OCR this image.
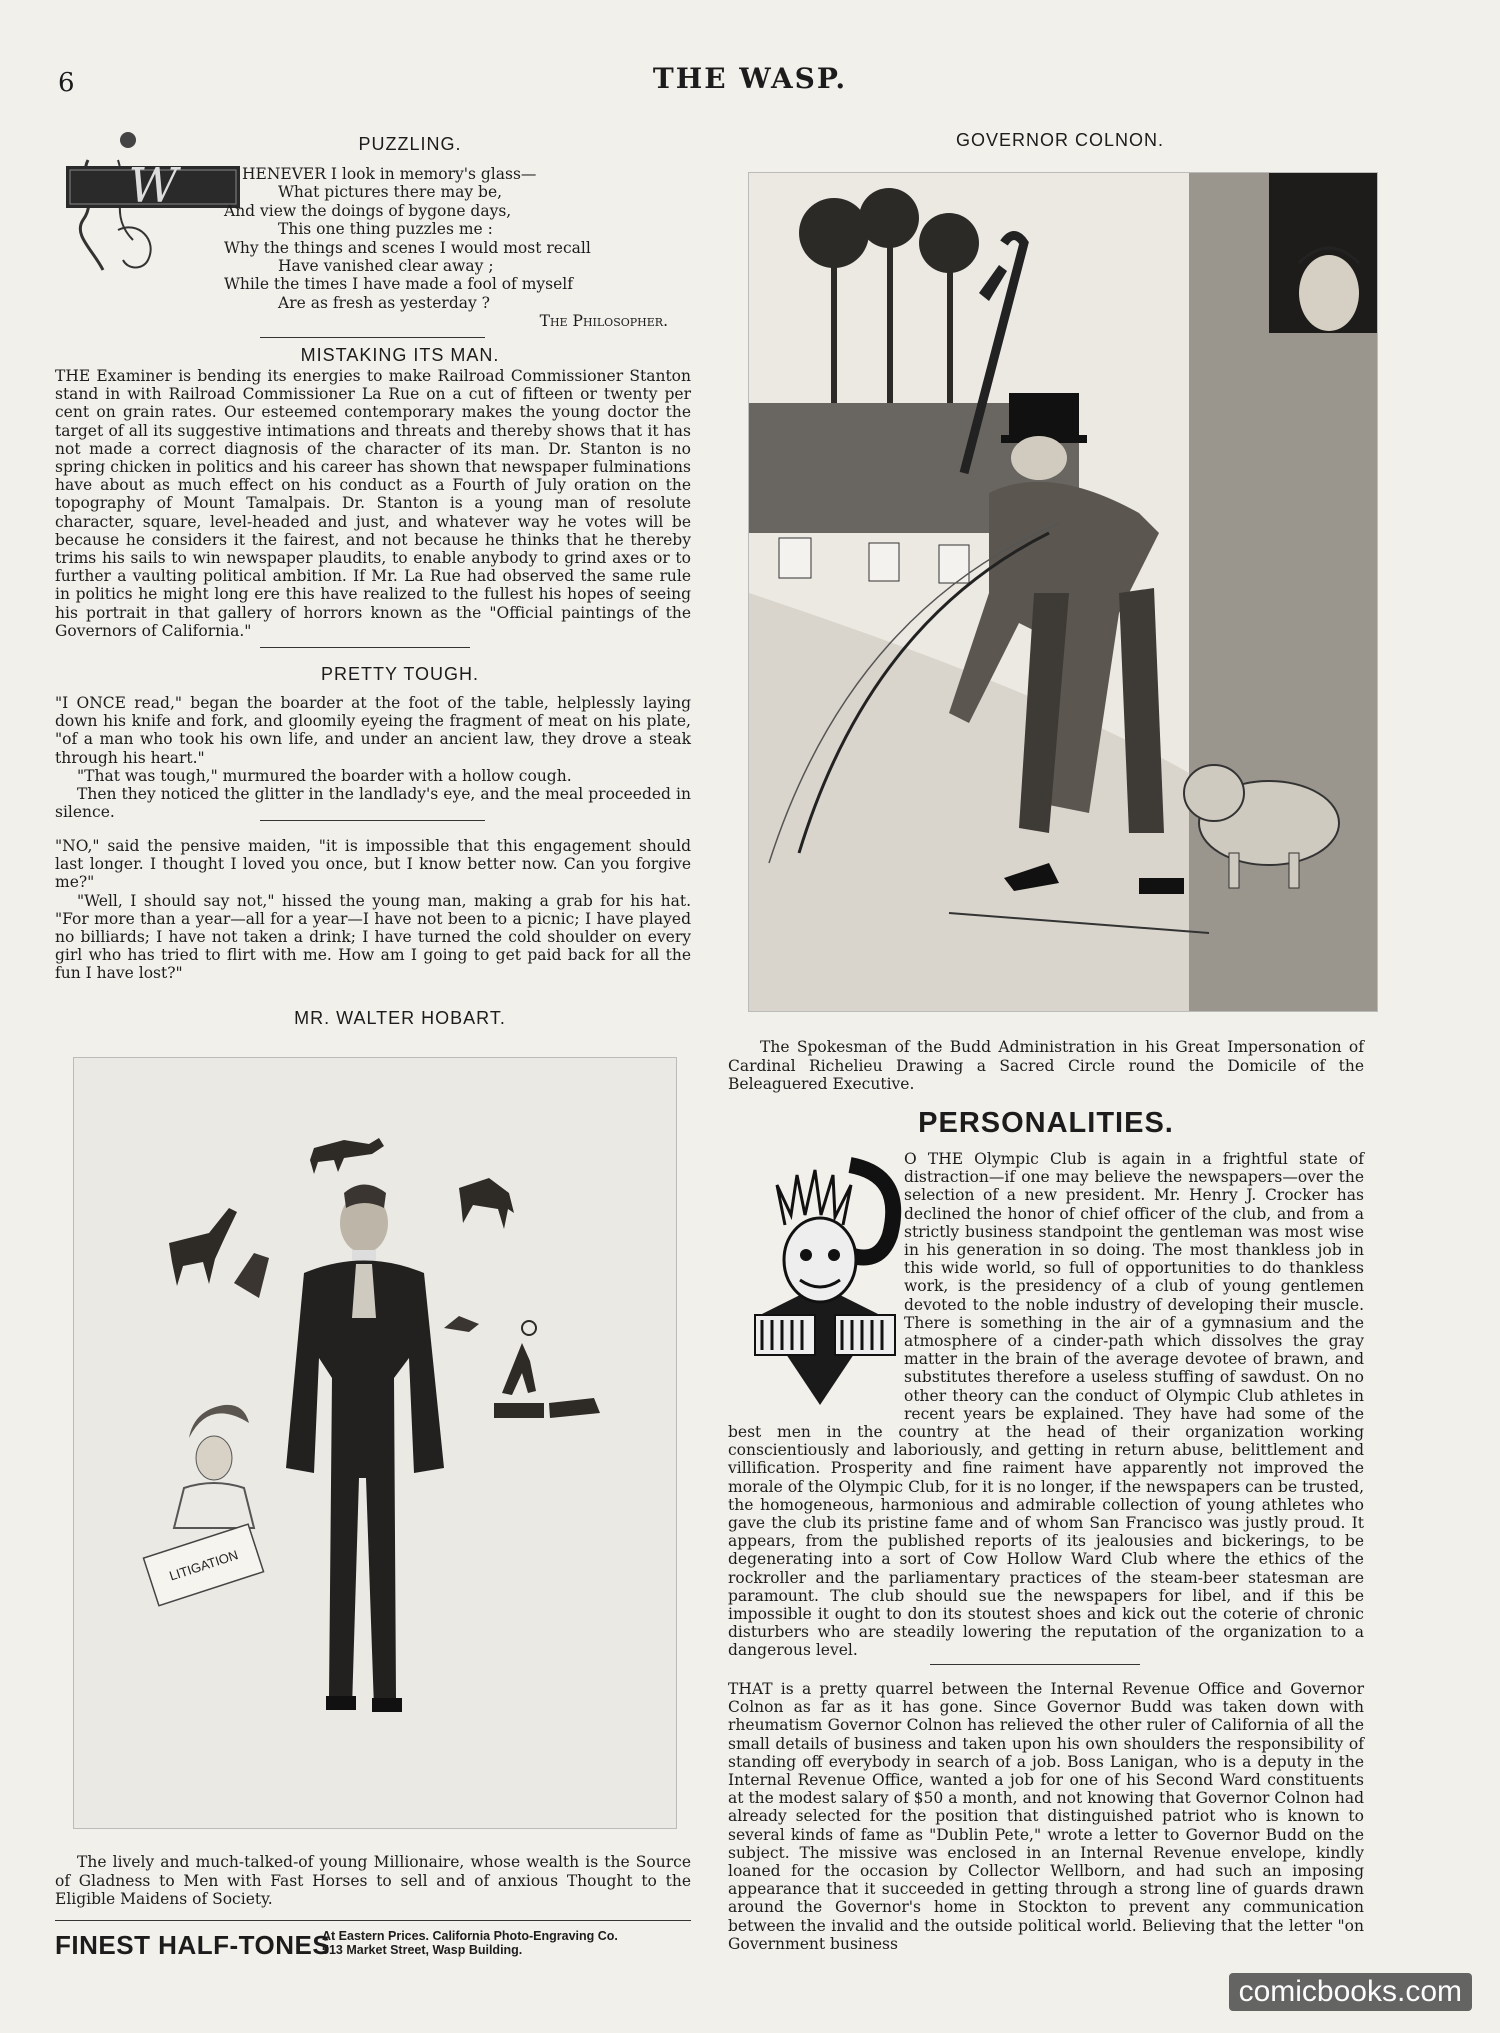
6	THE WASP.
PUZZLING.
W	HENEVER I look in memory's glass—
What pictures there may be,
And view the doings of bygone days,
This one thing puzzles me :
Why the things and scenes I would most recall
Have vanished clear away ;
While the times I have made a fool of myself
Are as fresh as yesterday ?
The Philosopher.
MISTAKING ITS MAN.

THE Examiner is bending its energies to make Railroad Commissioner Stanton stand in with Railroad Commissioner La Rue on a cut of fifteen or twenty per cent on grain rates. Our esteemed contemporary makes the young doctor the target of all its suggestive intimations and threats and thereby shows that it has not made a correct diagnosis of the character of its man. Dr. Stanton is no spring chicken in politics and his career has shown that newspaper fulminations have about as much effect on his conduct as a Fourth of July oration on the topography of Mount Tamalpais. Dr. Stanton is a young man of resolute character, square, level-headed and just, and whatever way he votes will be because he considers it the fairest, and not because he thinks that he thereby trims his sails to win newspaper plaudits, to enable anybody to grind axes or to further a vaulting political ambition. If Mr. La Rue had observed the same rule in politics he might long ere this have realized to the fullest his hopes of seeing his portrait in that gallery of horrors known as the "Official paintings of the Governors of California."

PRETTY TOUGH.

"I ONCE read," began the boarder at the foot of the table, helplessly laying down his knife and fork, and gloomily eyeing the fragment of meat on his plate, "of a man who took his own life, and under an ancient law, they drove a steak through his heart."

"That was tough," murmured the boarder with a hollow cough.

Then they noticed the glitter in the landlady's eye, and the meal proceeded in silence.

"NO," said the pensive maiden, "it is impossible that this engagement should last longer. I thought I loved you once, but I know better now. Can you forgive me?"

"Well, I should say not," hissed the young man, making a grab for his hat. "For more than a year—all for a year—I have not been to a picnic; I have played no billiards; I have not taken a drink; I have turned the cold shoulder on every girl who has tried to flirt with me. How am I going to get paid back for all the fun I have lost?"

MR. WALTER HOBART.
LITIGATION
The lively and much-talked-of young Millionaire, whose wealth is the Source of Gladness to Men with Fast Horses to sell and of anxious Thought to the Eligible Maidens of Society.
FINEST HALF-TONES
At Eastern Prices. California Photo-Engraving Co.
513 Market Street, Wasp Building.
GOVERNOR COLNON.
The Spokesman of the Budd Administration in his Great Impersonation of Cardinal Richelieu Drawing a Sacred Circle round the Domicile of the Beleaguered Executive.
PERSONALITIES.

O THE Olympic Club is again in a frightful state of distraction—if one may believe the newspapers—over the selection of a new president. Mr. Henry J. Crocker has declined the honor of chief officer of the club, and from a strictly business standpoint the gentleman was most wise in his generation in so doing. The most thankless job in this wide world, so full of opportunities to do thankless work, is the presidency of a club of young gentlemen devoted to the noble industry of developing their muscle. There is something in the air of a gymnasium and the atmosphere of a cinder-path which dissolves the gray matter in the brain of the average devotee of brawn, and substitutes therefore a useless stuffing of sawdust. On no other theory can the conduct of Olympic Club athletes in recent years be explained. They have had some of the best men in the country at the head of their organization working conscientiously and laboriously, and getting in return abuse, belittlement and villification. Prosperity and fine raiment have apparently not improved the morale of the Olympic Club, for it is no longer, if the newspapers can be trusted, the homogeneous, harmonious and admirable collection of young athletes who gave the club its pristine fame and of whom San Francisco was justly proud. It appears, from the published reports of its jealousies and bickerings, to be degenerating into a sort of Cow Hollow Ward Club where the ethics of the rockroller and the parliamentary practices of the steam-beer statesman are paramount. The club should sue the newspapers for libel, and if this be impossible it ought to don its stoutest shoes and kick out the coterie of chronic disturbers who are steadily lowering the reputation of the organization to a dangerous level.

THAT is a pretty quarrel between the Internal Revenue Office and Governor Colnon as far as it has gone. Since Governor Budd was taken down with rheumatism Governor Colnon has relieved the other ruler of California of all the small details of business and taken upon his own shoulders the responsibility of standing off everybody in search of a job. Boss Lanigan, who is a deputy in the Internal Revenue Office, wanted a job for one of his Second Ward constituents at the modest salary of $50 a month, and not knowing that Governor Colnon had already selected for the position that distinguished patriot who is known to several kinds of fame as "Dublin Pete," wrote a letter to Governor Budd on the subject. The missive was enclosed in an Internal Revenue envelope, kindly loaned for the occasion by Collector Wellborn, and had such an imposing appearance that it succeeded in getting through a strong line of guards drawn around the Governor's home in Stockton to prevent any communication between the invalid and the outside political world. Believing that the letter "on Government business

comicbooks.com
